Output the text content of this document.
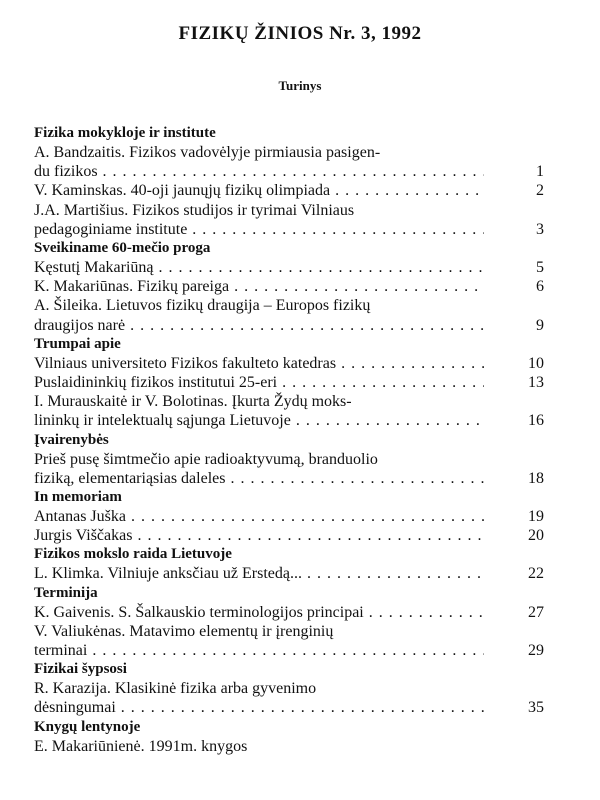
FIZIKŲ ŽINIOS Nr. 3, 1992
Turinys
Fizika mokykloje ir institute
A. Bandzaitis. Fizikos vadovėlyje pirmiausia pasigen-
du fizikos . . .	1
V. Kaminskas. 40-oji jaunųjų fizikų olimpiada . . .	2
J.A. Martišius. Fizikos studijos ir tyrimai Vilniaus
pedagoginiame institute . . .	3
Sveikiname 60-mečio proga
Kęstutį Makariūną . . .	5
K. Makariūnas. Fizikų pareiga . . .	6
A. Šileika. Lietuvos fizikų draugija – Europos fizikų
draugijos narė . . .	9
Trumpai apie
Vilniaus universiteto Fizikos fakulteto katedras . . .	10
Puslaidininkių fizikos institutui 25-eri . . .	13
I. Murauskaitė ir V. Bolotinas. Įkurta Žydų moks-
lininkų ir intelektualų sąjunga Lietuvoje . . .	16
Įvairenybės
Prieš pusę šimtmečio apie radioaktyvumą, branduolio
fiziką, elementariąsias daleles . . .	18
In memoriam
Antanas Juška . . .	19
Jurgis Viščakas . . .	20
Fizikos mokslo raida Lietuvoje
L. Klimka. Vilniuje anksčiau už Erstedą... . . .	22
Terminija
K. Gaivenis. S. Šalkauskio terminologijos principai . . .	27
V. Valiukėnas. Matavimo elementų ir įrenginių
terminai . . .	29
Fizikai šypsosi
R. Karazija. Klasikinė fizika arba gyvenimo
dėsningumai . . .	35
Knygų lentynoje
E. Makariūnienė. 1991m. knygos
